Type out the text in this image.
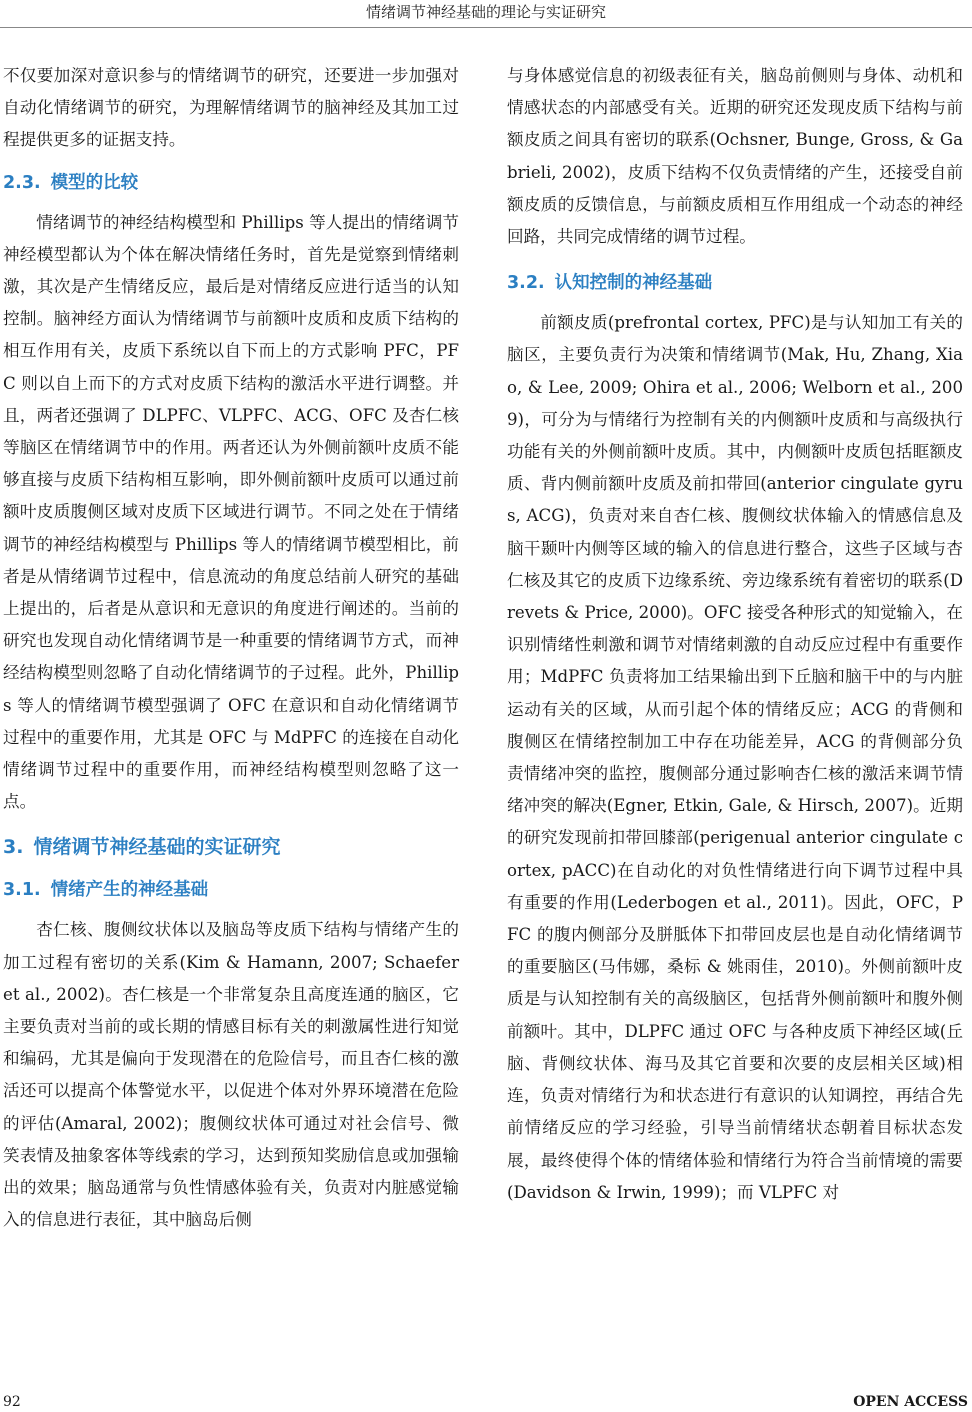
情绪调节神经基础的理论与实证研究

不仅要加深对意识参与的情绪调节的研究，还要进一步加强对自动化情绪调节的研究，为理解情绪调节的脑神经及其加工过程提供更多的证据支持。

2.3. 模型的比较

情绪调节的神经结构模型和 Phillips 等人提出的情绪调节神经模型都认为个体在解决情绪任务时，首先是觉察到情绪刺激，其次是产生情绪反应，最后是对情绪反应进行适当的认知控制。脑神经方面认为情绪调节与前额叶皮质和皮质下结构的相互作用有关，皮质下系统以自下而上的方式影响 PFC，PFC 则以自上而下的方式对皮质下结构的激活水平进行调整。并且，两者还强调了 DLPFC、VLPFC、ACG、OFC 及杏仁核等脑区在情绪调节中的作用。两者还认为外侧前额叶皮质不能够直接与皮质下结构相互影响，即外侧前额叶皮质可以通过前额叶皮质腹侧区域对皮质下区域进行调节。不同之处在于情绪调节的神经结构模型与 Phillips 等人的情绪调节模型相比，前者是从情绪调节过程中，信息流动的角度总结前人研究的基础上提出的，后者是从意识和无意识的角度进行阐述的。当前的研究也发现自动化情绪调节是一种重要的情绪调节方式，而神经结构模型则忽略了自动化情绪调节的子过程。此外，Phillips 等人的情绪调节模型强调了 OFC 在意识和自动化情绪调节过程中的重要作用，尤其是 OFC 与 MdPFC 的连接在自动化情绪调节过程中的重要作用，而神经结构模型则忽略了这一点。

3. 情绪调节神经基础的实证研究
3.1. 情绪产生的神经基础

杏仁核、腹侧纹状体以及脑岛等皮质下结构与情绪产生的加工过程有密切的关系(Kim & Hamann, 2007; Schaefer et al., 2002)。杏仁核是一个非常复杂且高度连通的脑区，它主要负责对当前的或长期的情感目标有关的刺激属性进行知觉和编码，尤其是偏向于发现潜在的危险信号，而且杏仁核的激活还可以提高个体警觉水平，以促进个体对外界环境潜在危险的评估(Amaral, 2002)；腹侧纹状体可通过对社会信号、微笑表情及抽象客体等线索的学习，达到预知奖励信息或加强输出的效果；脑岛通常与负性情感体验有关，负责对内脏感觉输入的信息进行表征，其中脑岛后侧

与身体感觉信息的初级表征有关，脑岛前侧则与身体、动机和情感状态的内部感受有关。近期的研究还发现皮质下结构与前额皮质之间具有密切的联系(Ochsner, Bunge, Gross, & Gabrieli, 2002)，皮质下结构不仅负责情绪的产生，还接受自前额皮质的反馈信息，与前额皮质相互作用组成一个动态的神经回路，共同完成情绪的调节过程。

3.2. 认知控制的神经基础

前额皮质(prefrontal cortex, PFC)是与认知加工有关的脑区，主要负责行为决策和情绪调节(Mak, Hu, Zhang, Xiao, & Lee, 2009; Ohira et al., 2006; Welborn et al., 2009)，可分为与情绪行为控制有关的内侧额叶皮质和与高级执行功能有关的外侧前额叶皮质。其中，内侧额叶皮质包括眶额皮质、背内侧前额叶皮质及前扣带回(anterior cingulate gyrus, ACG)，负责对来自杏仁核、腹侧纹状体输入的情感信息及脑干颞叶内侧等区域的输入的信息进行整合，这些子区域与杏仁核及其它的皮质下边缘系统、旁边缘系统有着密切的联系(Drevets & Price, 2000)。OFC 接受各种形式的知觉输入，在识别情绪性刺激和调节对情绪刺激的自动反应过程中有重要作用；MdPFC 负责将加工结果输出到下丘脑和脑干中的与内脏运动有关的区域，从而引起个体的情绪反应；ACG 的背侧和腹侧区在情绪控制加工中存在功能差异，ACG 的背侧部分负责情绪冲突的监控，腹侧部分通过影响杏仁核的激活来调节情绪冲突的解决(Egner, Etkin, Gale, & Hirsch, 2007)。近期的研究发现前扣带回膝部(perigenual anterior cingulate cortex, pACC)在自动化的对负性情绪进行向下调节过程中具有重要的作用(Lederbogen et al., 2011)。因此，OFC，PFC 的腹内侧部分及胼胝体下扣带回皮层也是自动化情绪调节的重要脑区(马伟娜，桑标 & 姚雨佳，2010)。外侧前额叶皮质是与认知控制有关的高级脑区，包括背外侧前额叶和腹外侧前额叶。其中，DLPFC 通过 OFC 与各种皮质下神经区域(丘脑、背侧纹状体、海马及其它首要和次要的皮层相关区域)相连，负责对情绪行为和状态进行有意识的认知调控，再结合先前情绪反应的学习经验，引导当前情绪状态朝着目标状态发展，最终使得个体的情绪体验和情绪行为符合当前情境的需要(Davidson & Irwin, 1999)；而 VLPFC 对

92	OPEN ACCESS
